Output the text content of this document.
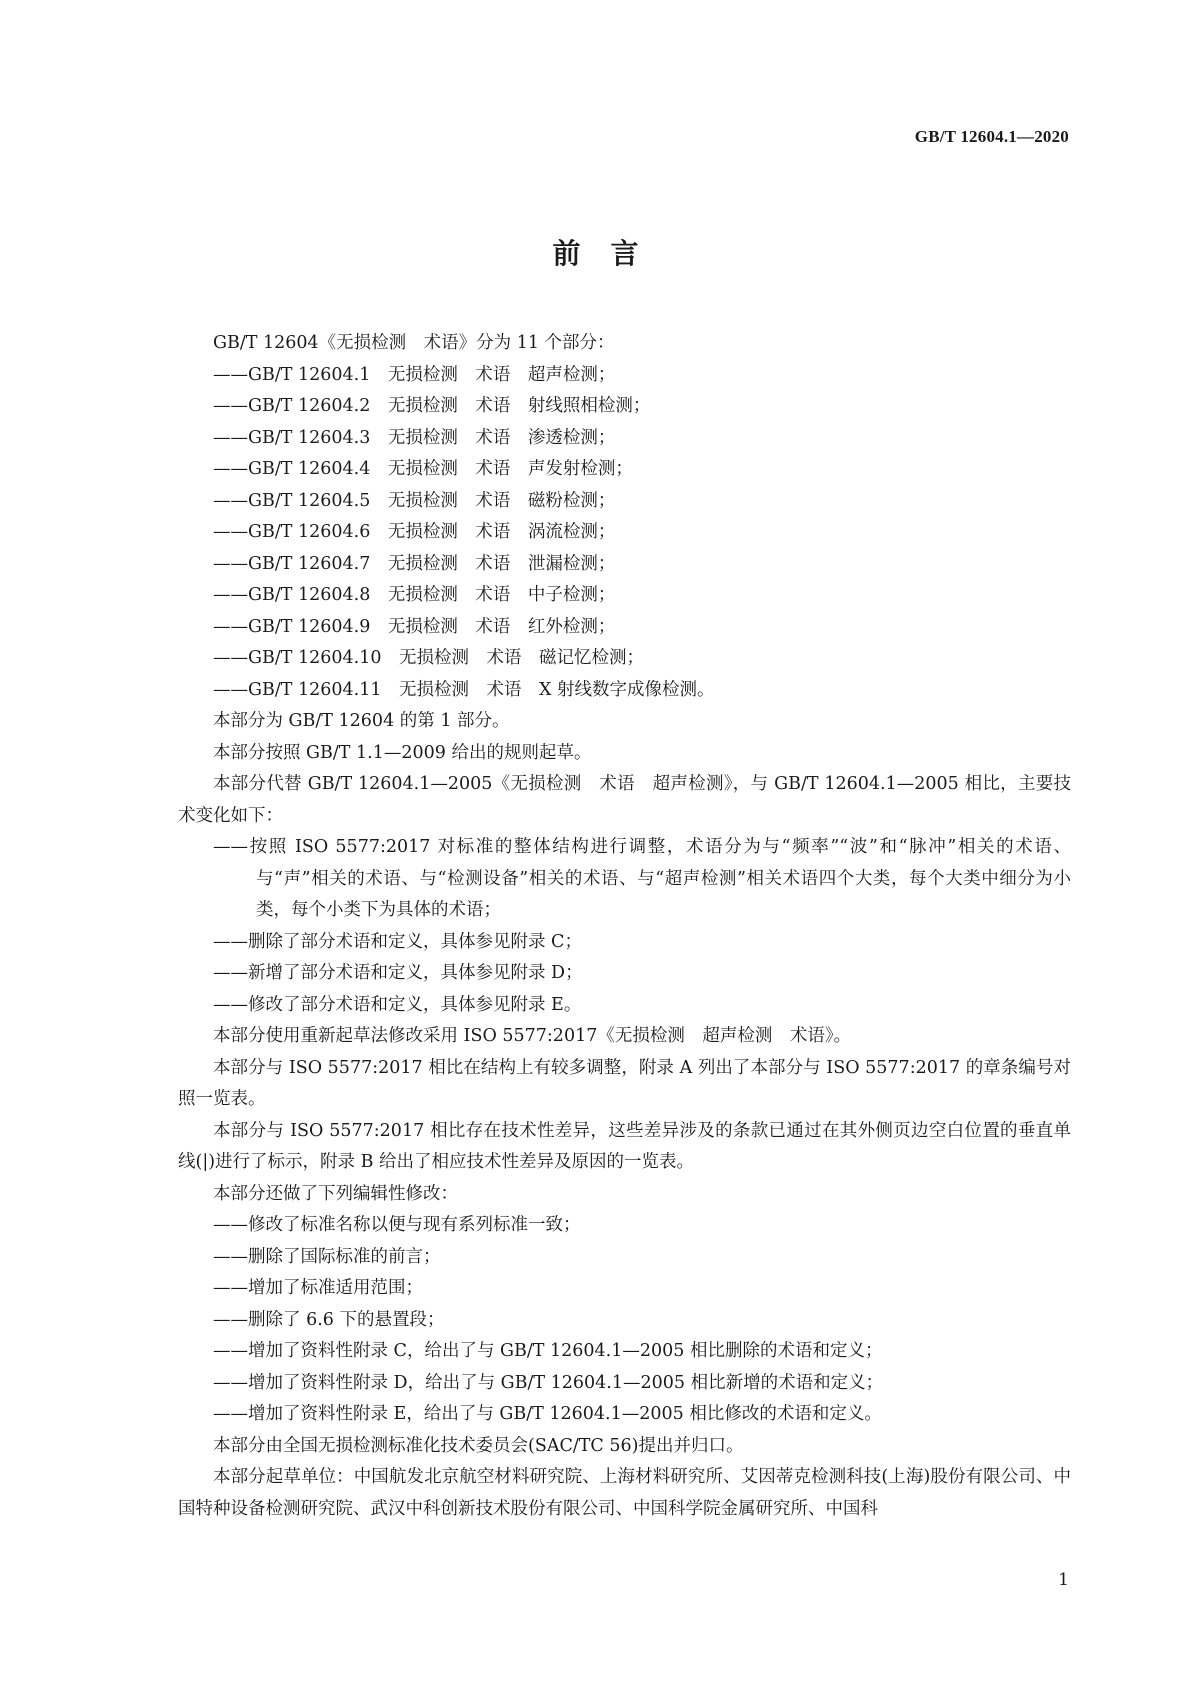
GB/T 12604.1—2020
前言

GB/T 12604《无损检测　术语》分为 11 个部分：

——GB/T 12604.1　无损检测　术语　超声检测；

——GB/T 12604.2　无损检测　术语　射线照相检测；

——GB/T 12604.3　无损检测　术语　渗透检测；

——GB/T 12604.4　无损检测　术语　声发射检测；

——GB/T 12604.5　无损检测　术语　磁粉检测；

——GB/T 12604.6　无损检测　术语　涡流检测；

——GB/T 12604.7　无损检测　术语　泄漏检测；

——GB/T 12604.8　无损检测　术语　中子检测；

——GB/T 12604.9　无损检测　术语　红外检测；

——GB/T 12604.10　无损检测　术语　磁记忆检测；

——GB/T 12604.11　无损检测　术语　X 射线数字成像检测。

本部分为 GB/T 12604 的第 1 部分。

本部分按照 GB/T 1.1—2009 给出的规则起草。

本部分代替 GB/T 12604.1—2005《无损检测　术语　超声检测》，与 GB/T 12604.1—2005 相比，主要技术变化如下：

——按照 ISO 5577:2017 对标准的整体结构进行调整，术语分为与“频率”“波”和“脉冲”相关的术语、与“声”相关的术语、与“检测设备”相关的术语、与“超声检测”相关术语四个大类，每个大类中细分为小类，每个小类下为具体的术语；

——删除了部分术语和定义，具体参见附录 C；

——新增了部分术语和定义，具体参见附录 D；

——修改了部分术语和定义，具体参见附录 E。

本部分使用重新起草法修改采用 ISO 5577:2017《无损检测　超声检测　术语》。

本部分与 ISO 5577:2017 相比在结构上有较多调整，附录 A 列出了本部分与 ISO 5577:2017 的章条编号对照一览表。

本部分与 ISO 5577:2017 相比存在技术性差异，这些差异涉及的条款已通过在其外侧页边空白位置的垂直单线(|)进行了标示，附录 B 给出了相应技术性差异及原因的一览表。

本部分还做了下列编辑性修改：

——修改了标准名称以便与现有系列标准一致；

——删除了国际标准的前言；

——增加了标准适用范围；

——删除了 6.6 下的悬置段；

——增加了资料性附录 C，给出了与 GB/T 12604.1—2005 相比删除的术语和定义；

——增加了资料性附录 D，给出了与 GB/T 12604.1—2005 相比新增的术语和定义；

——增加了资料性附录 E，给出了与 GB/T 12604.1—2005 相比修改的术语和定义。

本部分由全国无损检测标准化技术委员会(SAC/TC 56)提出并归口。

本部分起草单位：中国航发北京航空材料研究院、上海材料研究所、艾因蒂克检测科技(上海)股份有限公司、中国特种设备检测研究院、武汉中科创新技术股份有限公司、中国科学院金属研究所、中国科

1
